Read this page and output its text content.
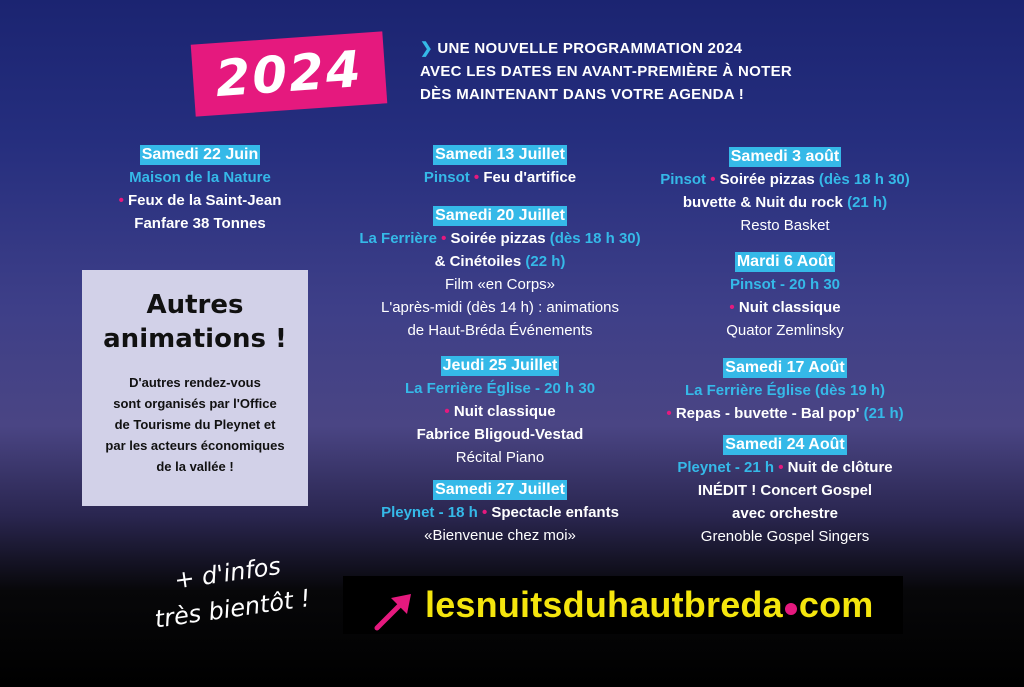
2024	❯ UNE NOUVELLE PROGRAMMATION 2024
AVEC LES DATES EN AVANT-PREMIÈRE À NOTER
DÈS MAINTENANT DANS VOTRE AGENDA !
Samedi 22 Juin
Maison de la Nature
• Feux de la Saint-Jean
Fanfare 38 Tonnes
Autres
animations !
D'autres rendez-vous
sont organisés par l'Office
de Tourisme du Pleynet et
par les acteurs économiques
de la vallée !
Samedi 13 Juillet
Pinsot • Feu d'artifice
Samedi 20 Juillet
La Ferrière • Soirée pizzas (dès 18 h 30)
& Cinétoiles (22 h)
Film «en Corps»
L'après-midi (dès 14 h) : animations
de Haut-Bréda Événements
Jeudi 25 Juillet
La Ferrière Église - 20 h 30
• Nuit classique
Fabrice Bligoud-Vestad
Récital Piano
Samedi 27 Juillet
Pleynet - 18 h • Spectacle enfants
«Bienvenue chez moi»
Samedi 3 août
Pinsot • Soirée pizzas (dès 18 h 30)
buvette & Nuit du rock (21 h)
Resto Basket
Mardi 6 Août
Pinsot - 20 h 30
• Nuit classique
Quator Zemlinsky
Samedi 17 Août
La Ferrière Église (dès 19 h)
• Repas - buvette - Bal pop' (21 h)
Samedi 24 Août
Pleynet - 21 h • Nuit de clôture
INÉDIT ! Concert Gospel
avec orchestre
Grenoble Gospel Singers
+ d'infos
très bientôt !	lesnuitsduhautbreda com
